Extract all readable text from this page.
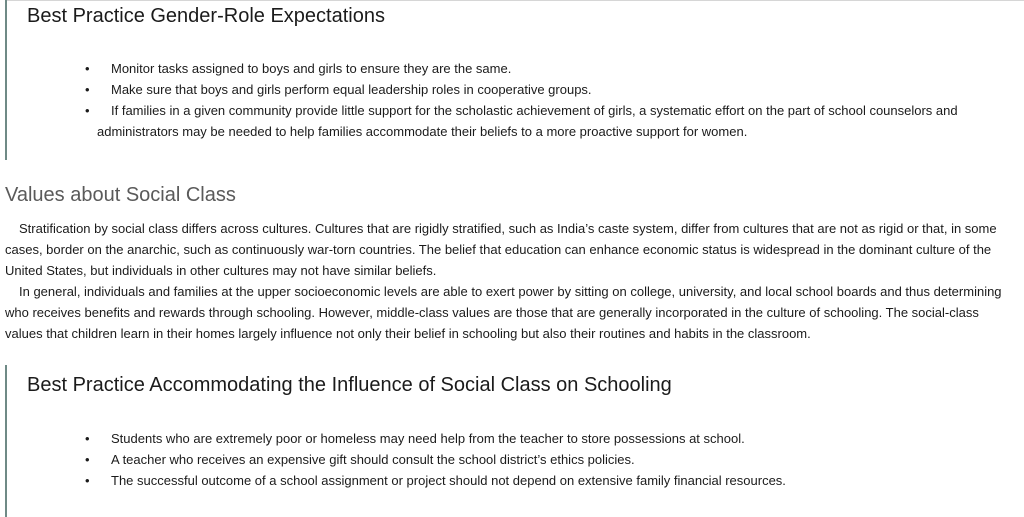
Best Practice Gender-Role Expectations
• Monitor tasks assigned to boys and girls to ensure they are the same.
• Make sure that boys and girls perform equal leadership roles in cooperative groups.
• If families in a given community provide little support for the scholastic achievement of girls, a systematic effort on the part of school counselors and administrators may be needed to help families accommodate their beliefs to a more proactive support for women.
Values about Social Class

Stratification by social class differs across cultures. Cultures that are rigidly stratified, such as India’s caste system, differ from cultures that are not as rigid or that, in some cases, border on the anarchic, such as continuously war-torn countries. The belief that education can enhance economic status is widespread in the dominant culture of the United States, but individuals in other cultures may not have similar beliefs.

In general, individuals and families at the upper socioeconomic levels are able to exert power by sitting on college, university, and local school boards and thus determining who receives benefits and rewards through schooling. However, middle-class values are those that are generally incorporated in the culture of schooling. The social-class values that children learn in their homes largely influence not only their belief in schooling but also their routines and habits in the classroom.

Best Practice Accommodating the Influence of Social Class on Schooling
• Students who are extremely poor or homeless may need help from the teacher to store possessions at school.
• A teacher who receives an expensive gift should consult the school district’s ethics policies.
• The successful outcome of a school assignment or project should not depend on extensive family financial resources.
